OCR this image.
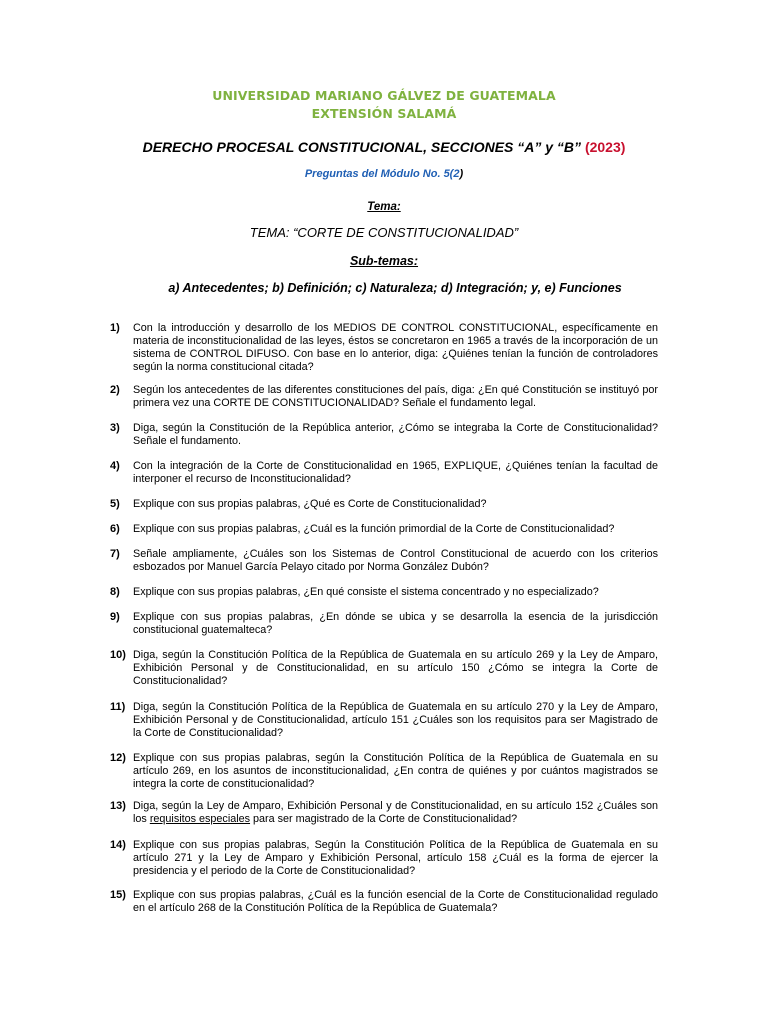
UNIVERSIDAD MARIANO GÁLVEZ DE GUATEMALA
EXTENSIÓN SALAMÁ
DERECHO PROCESAL CONSTITUCIONAL, SECCIONES “A” y “B” (2023)
Preguntas del Módulo No. 5(2)
Tema:
TEMA: “CORTE DE CONSTITUCIONALIDAD”
Sub-temas:
a) Antecedentes; b) Definición; c) Naturaleza; d) Integración; y, e) Funciones
1)	Con la introducción y desarrollo de los MEDIOS DE CONTROL CONSTITUCIONAL, específicamente en materia de inconstitucionalidad de las leyes, éstos se concretaron en 1965 a través de la incorporación de un sistema de CONTROL DIFUSO. Con base en lo anterior, diga: ¿Quiénes tenían la función de controladores según la norma constitucional citada?
2)	Según los antecedentes de las diferentes constituciones del país, diga: ¿En qué Constitución se instituyó por primera vez una CORTE DE CONSTITUCIONALIDAD? Señale el fundamento legal.
3)	Diga, según la Constitución de la República anterior, ¿Cómo se integraba la Corte de Constitucionalidad? Señale el fundamento.
4)	Con la integración de la Corte de Constitucionalidad en 1965, EXPLIQUE, ¿Quiénes tenían la facultad de interponer el recurso de Inconstitucionalidad?
5)	Explique con sus propias palabras, ¿Qué es Corte de Constitucionalidad?
6)	Explique con sus propias palabras, ¿Cuál es la función primordial de la Corte de Constitucionalidad?
7)	Señale ampliamente, ¿Cuáles son los Sistemas de Control Constitucional de acuerdo con los criterios esbozados por Manuel García Pelayo citado por Norma González Dubón?
8)	Explique con sus propias palabras, ¿En qué consiste el sistema concentrado y no especializado?
9)	Explique con sus propias palabras, ¿En dónde se ubica y se desarrolla la esencia de la jurisdicción constitucional guatemalteca?
10) Diga, según la Constitución Política de la República de Guatemala en su artículo 269 y la Ley de Amparo, Exhibición Personal y de Constitucionalidad, en su artículo 150 ¿Cómo se integra la Corte de Constitucionalidad?
11) Diga, según la Constitución Política de la República de Guatemala en su artículo 270 y la Ley de Amparo, Exhibición Personal y de Constitucionalidad, artículo 151 ¿Cuáles son los requisitos para ser Magistrado de la Corte de Constitucionalidad?
12) Explique con sus propias palabras, según la Constitución Política de la República de Guatemala en su artículo 269, en los asuntos de inconstitucionalidad, ¿En contra de quiénes y por cuántos magistrados se integra la corte de constitucionalidad?
13) Diga, según la Ley de Amparo, Exhibición Personal y de Constitucionalidad, en su artículo 152 ¿Cuáles son los requisitos especiales para ser magistrado de la Corte de Constitucionalidad?
14) Explique con sus propias palabras, Según la Constitución Política de la República de Guatemala en su artículo 271 y la Ley de Amparo y Exhibición Personal, artículo 158 ¿Cuál es la forma de ejercer la presidencia y el periodo de la Corte de Constitucionalidad?
15) Explique con sus propias palabras, ¿Cuál es la función esencial de la Corte de Constitucionalidad regulado en el artículo 268 de la Constitución Política de la República de Guatemala?
